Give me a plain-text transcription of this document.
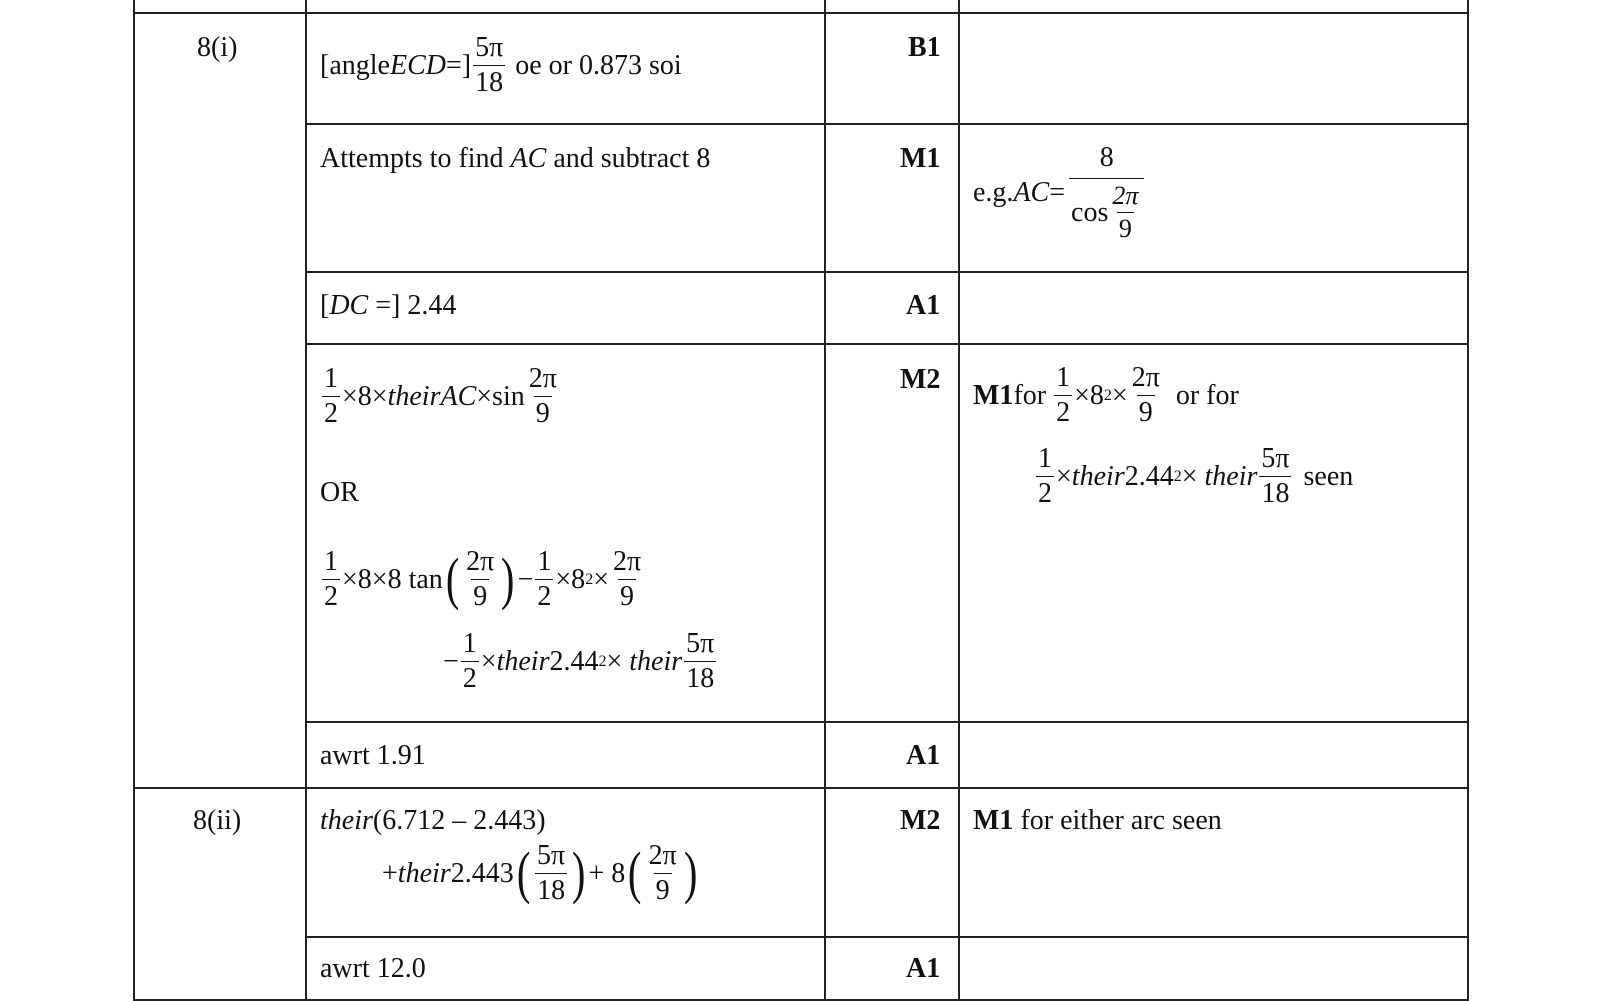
8(i)	B1
[angle ECD =] $\frac{5\pi}{18}$ oe or 0.873 soi
M1
Attempts to find AC and subtract 8
e.g. AC = $\frac{8}{\cos \frac{2\pi}{9}}$
A1
[DC =] 2.44
M2
$\frac{1}{2} \times 8\times$ theirAC $\times\sin \frac{2\pi}{9}$
OR
$\frac{1}{2} \times 8\times 8$ tan ( $\frac{2\pi}{9}$ ) − $\frac{1}{2} \times 8$ $2 \times \frac{2\pi}{9}$
− $\frac{1}{2}$ × their 2.44 2 ×
their $\frac{5\pi}{18}$
M1 for $\frac{1}{2} \times 8$ $2 \times \frac{2\pi}{9}$ or for
$\frac{1}{2}$ × their 2.44 2 ×
their $\frac{5\pi}{18}$ seen
A1
awrt 1.91
8(ii)	M2
their(6.712 – 2.443)
+ their 2.443 ( $\frac{5\pi}{18}$ ) + 8 ( $\frac{2\pi}{9}$ )
M1 for either arc seen
A1
awrt 12.0
